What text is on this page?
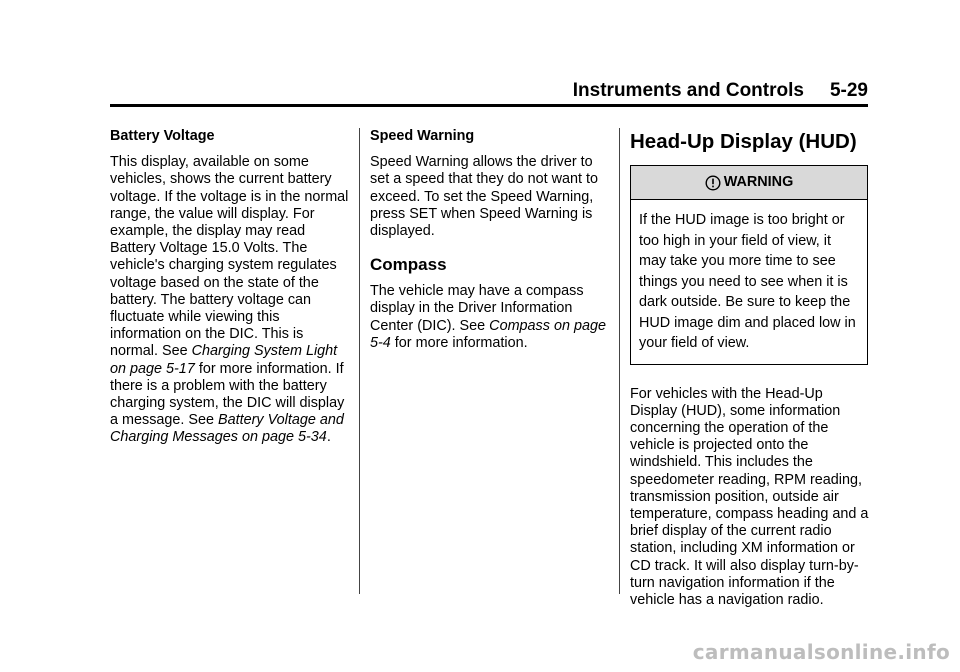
Instruments and Controls 5-29

Battery Voltage

This display, available on some vehicles, shows the current battery voltage. If the voltage is in the normal range, the value will display. For example, the display may read Battery Voltage 15.0 Volts. The vehicle's charging system regulates voltage based on the state of the battery. The battery voltage can fluctuate while viewing this information on the DIC. This is normal. See Charging System Light on page 5‑17 for more information. If there is a problem with the battery charging system, the DIC will display a message. See Battery Voltage and Charging Messages on page 5‑34.

Speed Warning

Speed Warning allows the driver to set a speed that they do not want to exceed. To set the Speed Warning, press SET when Speed Warning is displayed.

Compass

The vehicle may have a compass display in the Driver Information Center (DIC). See Compass on page 5‑4 for more information.

Head-Up Display (HUD)

WARNING
If the HUD image is too bright or too high in your field of view, it may take you more time to see things you need to see when it is dark outside. Be sure to keep the HUD image dim and placed low in your field of view.

For vehicles with the Head-Up Display (HUD), some information concerning the operation of the vehicle is projected onto the windshield. This includes the speedometer reading, RPM reading, transmission position, outside air temperature, compass heading and a brief display of the current radio station, including XM information or CD track. It will also display turn-by-turn navigation information if the vehicle has a navigation radio.

carmanualsonline.info
